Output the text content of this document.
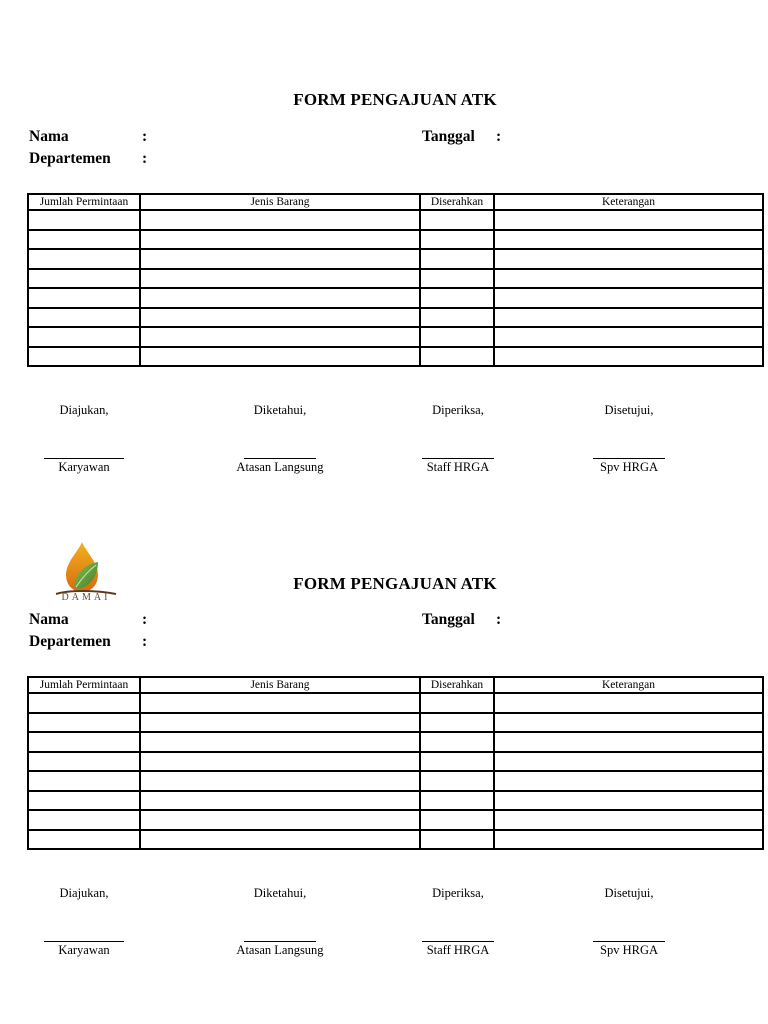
FORM PENGAJUAN ATK
Nama	:	Tanggal :
Departemen :
Jumlah Permintaan	Jenis Barang	Diserahkan	Keterangan

Diajukan,
Karyawan
Diketahui,
Atasan Langsung
Diperiksa,
Staff HRGA
Disetujui,
Spv HRGA
DAMAI
FORM PENGAJUAN ATK
Nama	:	Tanggal :
Departemen :
Jumlah Permintaan	Jenis Barang	Diserahkan	Keterangan

Diajukan,
Karyawan
Diketahui,
Atasan Langsung
Diperiksa,
Staff HRGA
Disetujui,
Spv HRGA
